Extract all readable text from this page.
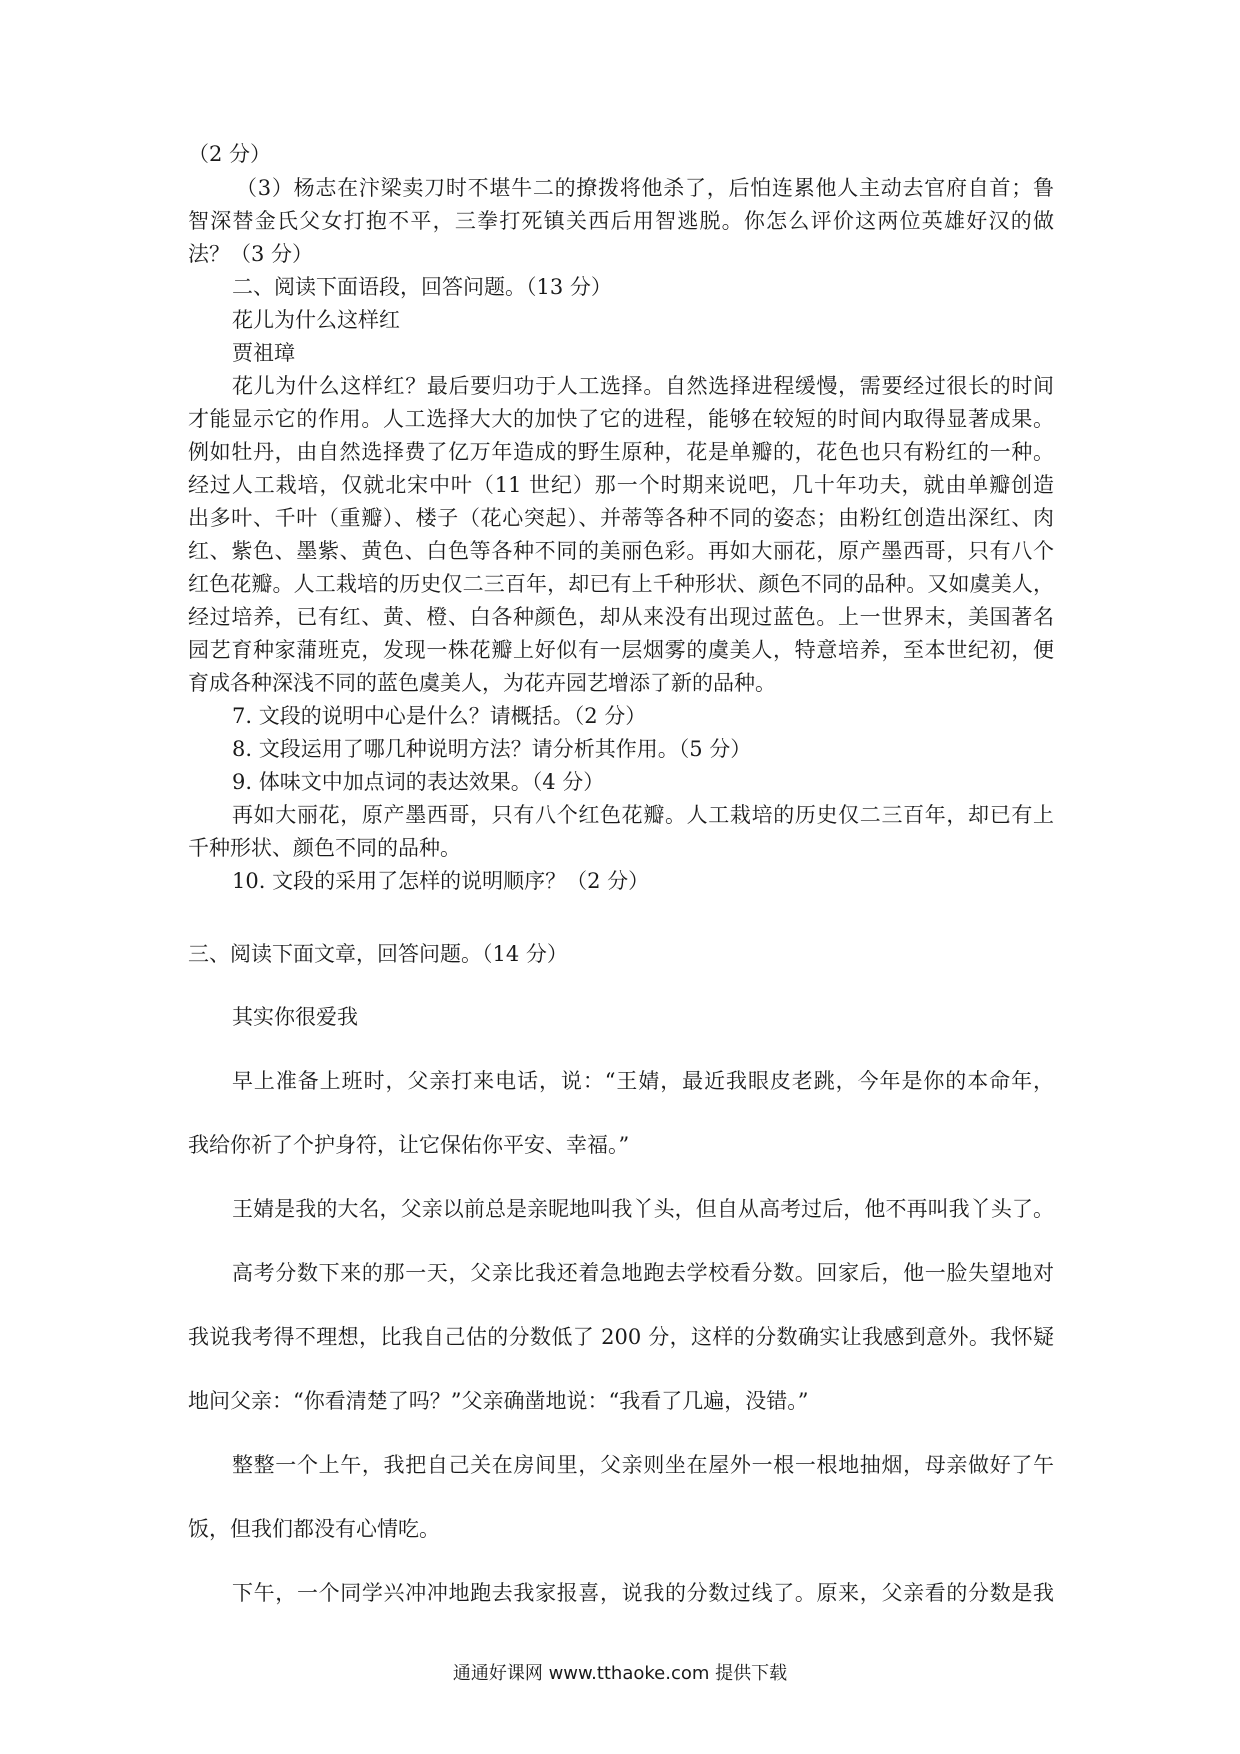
（2 分）
（3）杨志在汴梁卖刀时不堪牛二的撩拨将他杀了，后怕连累他人主动去官府自首；鲁
智深替金氏父女打抱不平，三拳打死镇关西后用智逃脱。你怎么评价这两位英雄好汉的做
法？（3 分）
二、阅读下面语段，回答问题。（13 分）
花儿为什么这样红
贾祖璋
花儿为什么这样红？最后要归功于人工选择。自然选择进程缓慢，需要经过很长的时间
才能显示它的作用。人工选择大大的加快了它的进程，能够在较短的时间内取得显著成果。
例如牡丹，由自然选择费了亿万年造成的野生原种，花是单瓣的，花色也只有粉红的一种。
经过人工栽培，仅就北宋中叶（11 世纪）那一个时期来说吧，几十年功夫，就由单瓣创造
出多叶、千叶（重瓣）、楼子（花心突起）、并蒂等各种不同的姿态；由粉红创造出深红、肉
红、紫色、墨紫、黄色、白色等各种不同的美丽色彩。再如大丽花，原产墨西哥，只有八个
红色花瓣。人工栽培的历史仅二三百年，却已有上千种形状、颜色不同的品种。又如虞美人，
经过培养，已有红、黄、橙、白各种颜色，却从来没有出现过蓝色。上一世界末，美国著名
园艺育种家蒲班克，发现一株花瓣上好似有一层烟雾的虞美人，特意培养，至本世纪初，便
育成各种深浅不同的蓝色虞美人，为花卉园艺增添了新的品种。
7. 文段的说明中心是什么？请概括。（2 分）
8. 文段运用了哪几种说明方法？请分析其作用。（5 分）
9. 体味文中加点词的表达效果。（4 分）
再如大丽花，原产墨西哥，只有八个红色花瓣。人工栽培的历史仅二三百年，却已有上
千种形状、颜色不同的品种。
10. 文段的采用了怎样的说明顺序？（2 分）
三、阅读下面文章，回答问题。（14 分）
其实你很爱我
早上准备上班时，父亲打来电话，说：“王婧，最近我眼皮老跳，今年是你的本命年，
我给你祈了个护身符，让它保佑你平安、幸福。”
王婧是我的大名，父亲以前总是亲昵地叫我丫头，但自从高考过后，他不再叫我丫头了。
高考分数下来的那一天，父亲比我还着急地跑去学校看分数。回家后，他一脸失望地对
我说我考得不理想，比我自己估的分数低了 200 分，这样的分数确实让我感到意外。我怀疑
地问父亲：“你看清楚了吗？”父亲确凿地说：“我看了几遍，没错。”
整整一个上午，我把自己关在房间里，父亲则坐在屋外一根一根地抽烟，母亲做好了午
饭，但我们都没有心情吃。
下午，一个同学兴冲冲地跑去我家报喜，说我的分数过线了。原来，父亲看的分数是我
通通好课网 www.tthaoke.com 提供下载
